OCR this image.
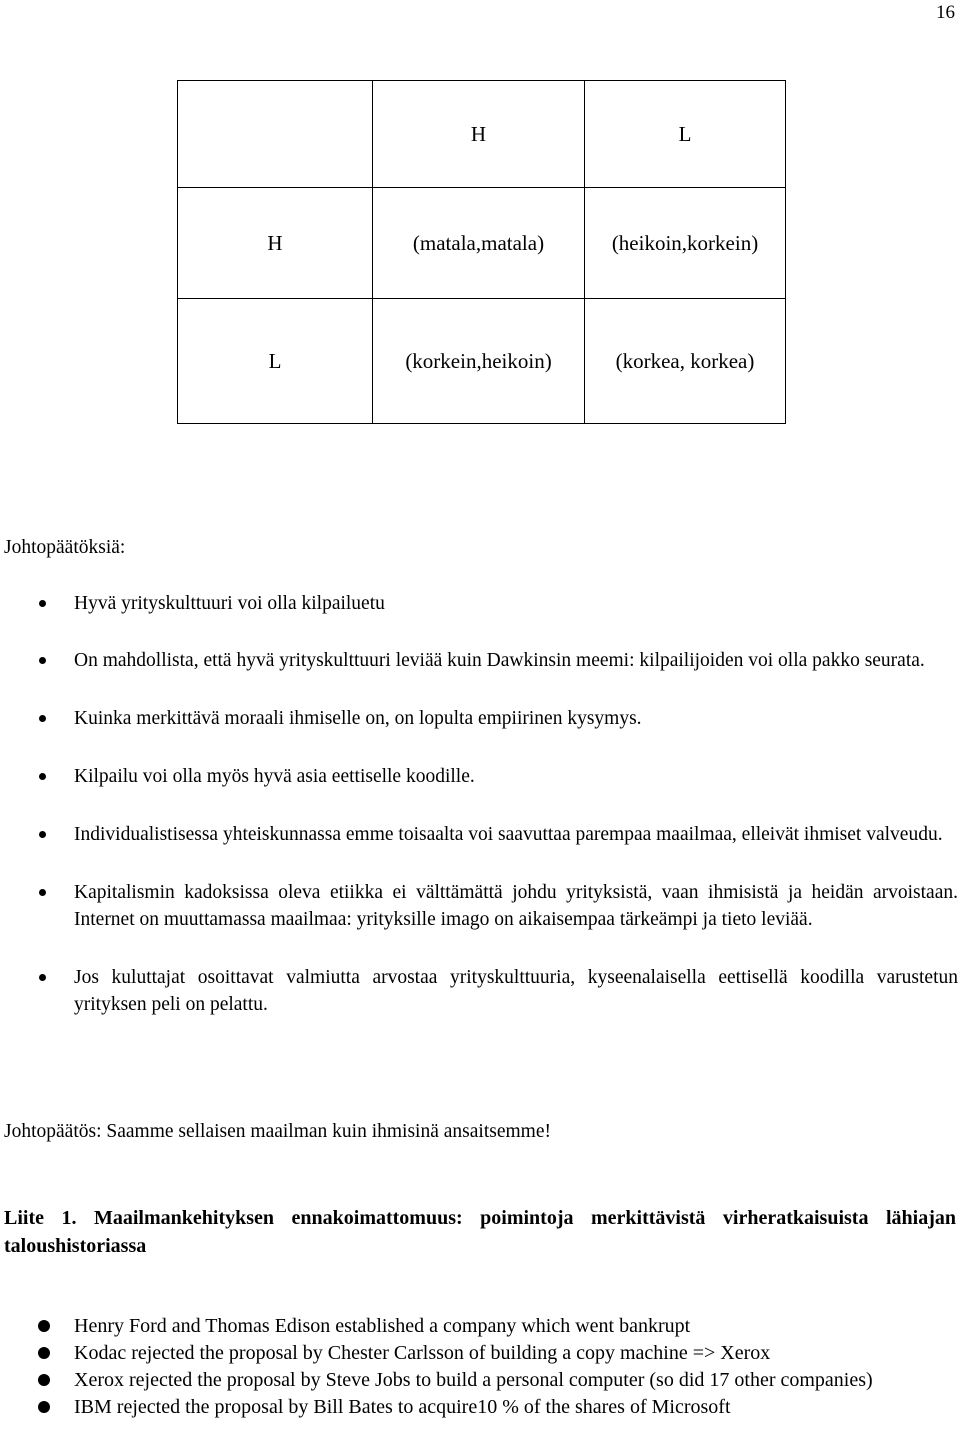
16
	H	L
H	(matala,matala)	(heikoin,korkein)
L	(korkein,heikoin)	(korkea, korkea)

Johtopäätöksiä:

Hyvä yrityskulttuuri voi olla kilpailuetu
On mahdollista, että hyvä yrityskulttuuri leviää kuin Dawkinsin meemi: kilpailijoiden voi olla pakko seurata.
Kuinka merkittävä moraali ihmiselle on, on lopulta empiirinen kysymys.
Kilpailu voi olla myös hyvä asia eettiselle koodille.
Individualistisessa yhteiskunnassa emme toisaalta voi saavuttaa parempaa maailmaa, elleivät ihmiset valveudu.
Kapitalismin kadoksissa oleva etiikka ei välttämättä johdu yrityksistä, vaan ihmisistä ja heidän arvoistaan. Internet on muuttamassa maailmaa: yrityksille imago on aikaisempaa tärkeämpi ja tieto leviää.
Jos kuluttajat osoittavat valmiutta arvostaa yrityskulttuuria, kyseenalaisella eettisellä koodilla varustetun yrityksen peli on pelattu.

Johtopäätös: Saamme sellaisen maailman kuin ihmisinä ansaitsemme!

Liite 1. Maailmankehityksen ennakoimattomuus: poimintoja merkittävistä virheratkaisuista lähiajan taloushistoriassa

Henry Ford and Thomas Edison established a company which went bankrupt
Kodac rejected the proposal by Chester Carlsson of building a copy machine => Xerox
Xerox rejected the proposal by Steve Jobs to build a personal computer (so did 17 other companies)
IBM rejected the proposal by Bill Bates to acquire10 % of the shares of Microsoft
